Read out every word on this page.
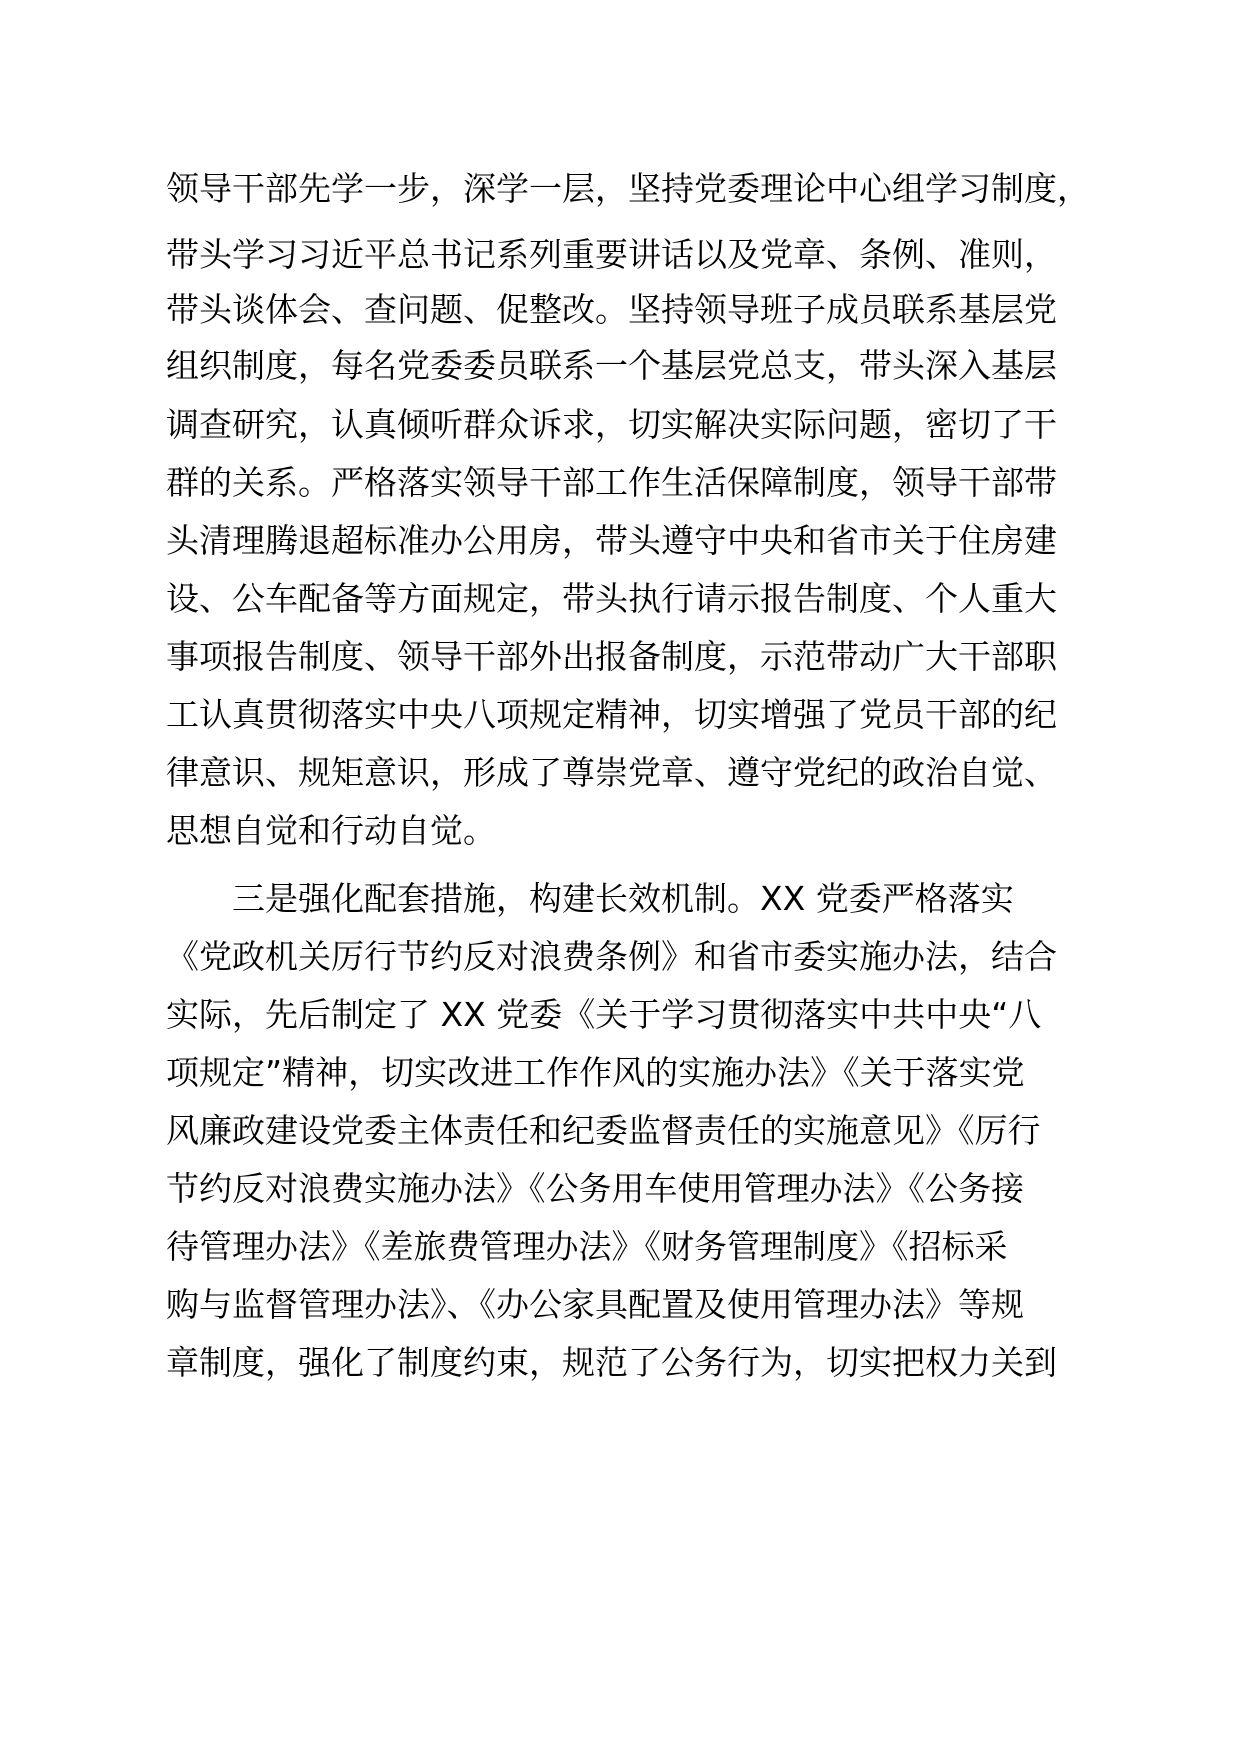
领导干部先学一步，深学一层，坚持党委理论中心组学习制度，
带头学习习近平总书记系列重要讲话以及党章、条例、准则，
带头谈体会、查问题、促整改。坚持领导班子成员联系基层党
组织制度，每名党委委员联系一个基层党总支，带头深入基层
调查研究，认真倾听群众诉求，切实解决实际问题，密切了干
群的关系。严格落实领导干部工作生活保障制度，领导干部带
头清理腾退超标准办公用房，带头遵守中央和省市关于住房建
设、公车配备等方面规定，带头执行请示报告制度、个人重大
事项报告制度、领导干部外出报备制度，示范带动广大干部职
工认真贯彻落实中央八项规定精神，切实增强了党员干部的纪
律意识、规矩意识，形成了尊崇党章、遵守党纪的政治自觉、
思想自觉和行动自觉。
三是强化配套措施，构建长效机制。XX 党委严格落实
《党政机关厉行节约反对浪费条例》和省市委实施办法，结合
实际，先后制定了 XX 党委《关于学习贯彻落实中共中央“八
项规定”精神，切实改进工作作风的实施办法》《关于落实党
风廉政建设党委主体责任和纪委监督责任的实施意见》《厉行
节约反对浪费实施办法》《公务用车使用管理办法》《公务接
待管理办法》《差旅费管理办法》《财务管理制度》《招标采
购与监督管理办法》、《办公家具配置及使用管理办法》等规
章制度，强化了制度约束，规范了公务行为，切实把权力关到
